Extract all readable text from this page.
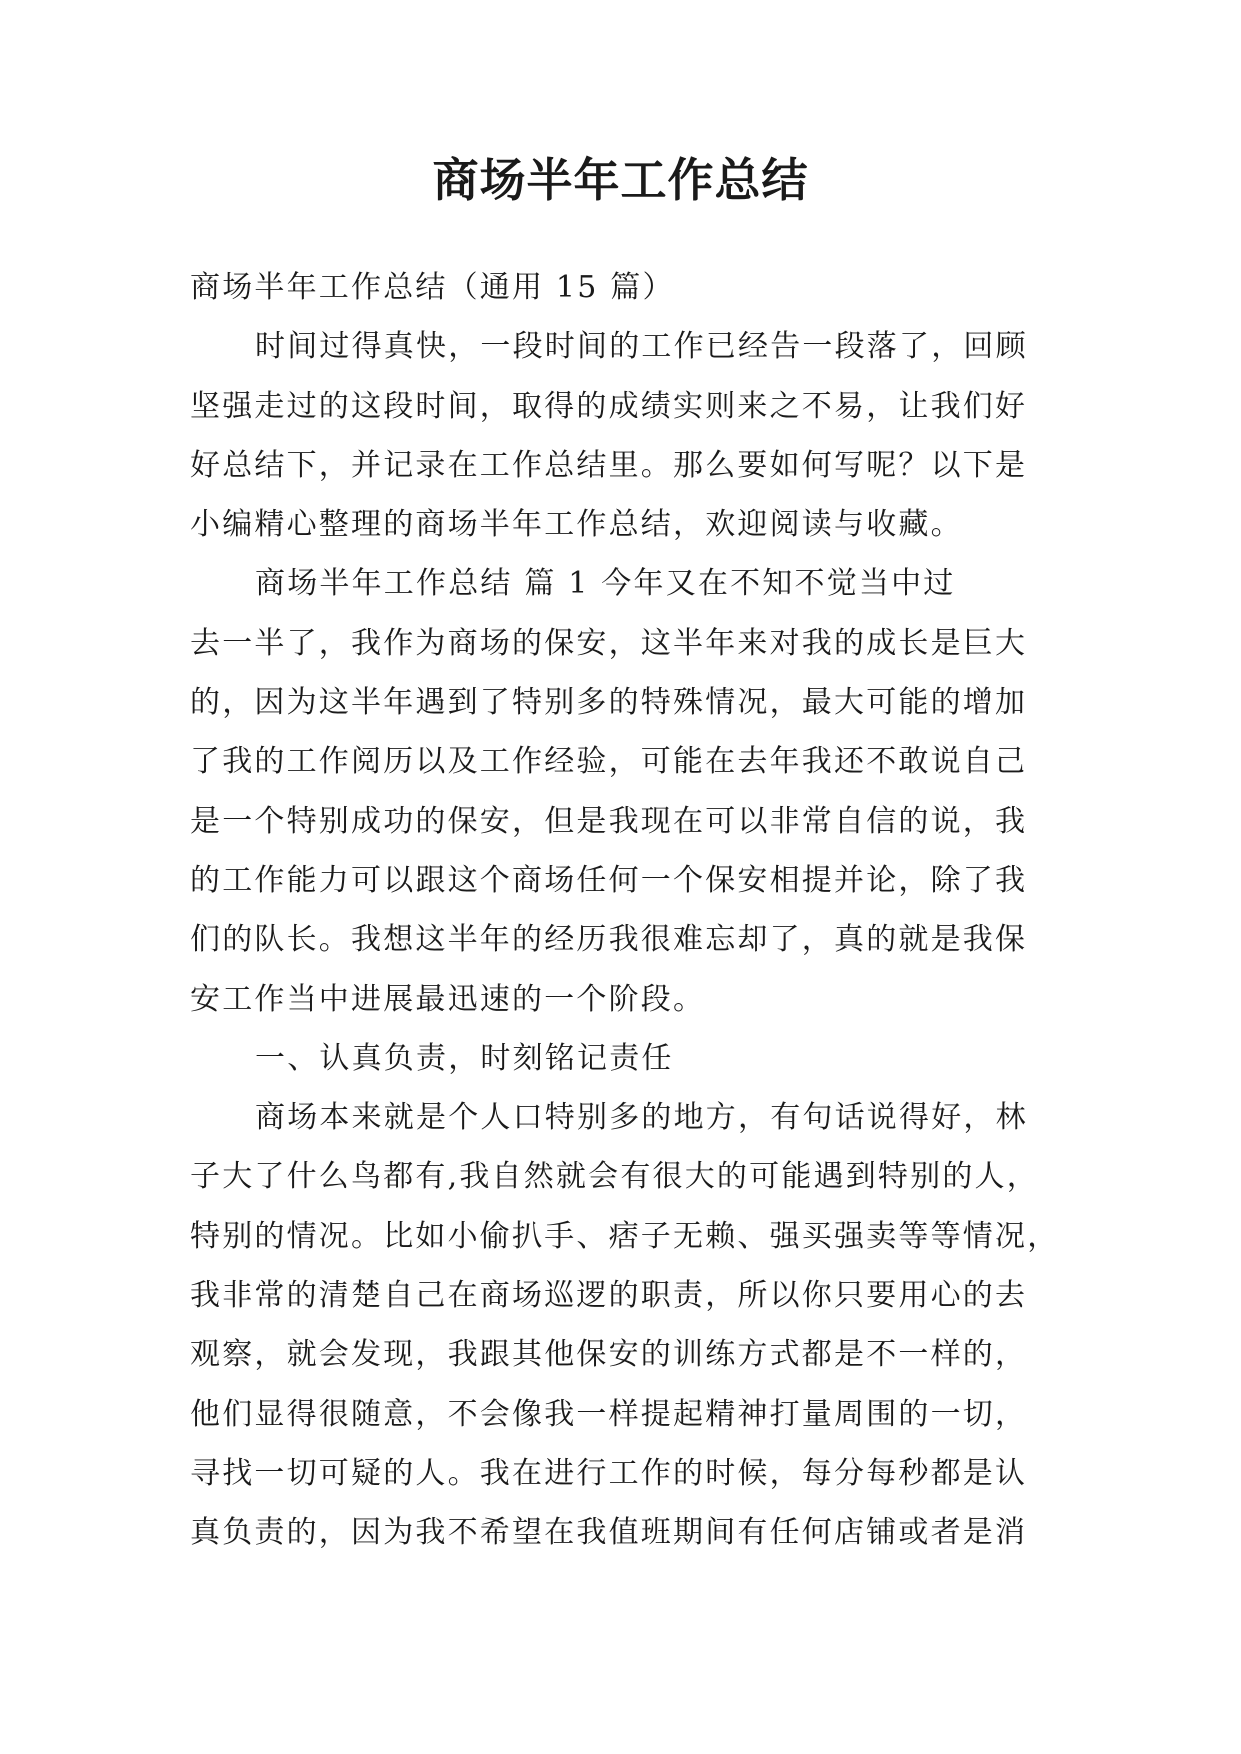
商场半年工作总结
商场半年工作总结（通用 15 篇）
时间过得真快，一段时间的工作已经告一段落了，回顾
坚强走过的这段时间，取得的成绩实则来之不易，让我们好
好总结下，并记录在工作总结里。那么要如何写呢？以下是
小编精心整理的商场半年工作总结，欢迎阅读与收藏。
商场半年工作总结 篇 1 今年又在不知不觉当中过
去一半了，我作为商场的保安，这半年来对我的成长是巨大
的，因为这半年遇到了特别多的特殊情况，最大可能的增加
了我的工作阅历以及工作经验，可能在去年我还不敢说自己
是一个特别成功的保安，但是我现在可以非常自信的说，我
的工作能力可以跟这个商场任何一个保安相提并论，除了我
们的队长。我想这半年的经历我很难忘却了，真的就是我保
安工作当中进展最迅速的一个阶段。
一、认真负责，时刻铭记责任
商场本来就是个人口特别多的地方，有句话说得好，林
子大了什么鸟都有,我自然就会有很大的可能遇到特别的人，
特别的情况。比如小偷扒手、痞子无赖、强买强卖等等情况，
我非常的清楚自己在商场巡逻的职责，所以你只要用心的去
观察，就会发现，我跟其他保安的训练方式都是不一样的，
他们显得很随意，不会像我一样提起精神打量周围的一切，
寻找一切可疑的人。我在进行工作的时候，每分每秒都是认
真负责的，因为我不希望在我值班期间有任何店铺或者是消
